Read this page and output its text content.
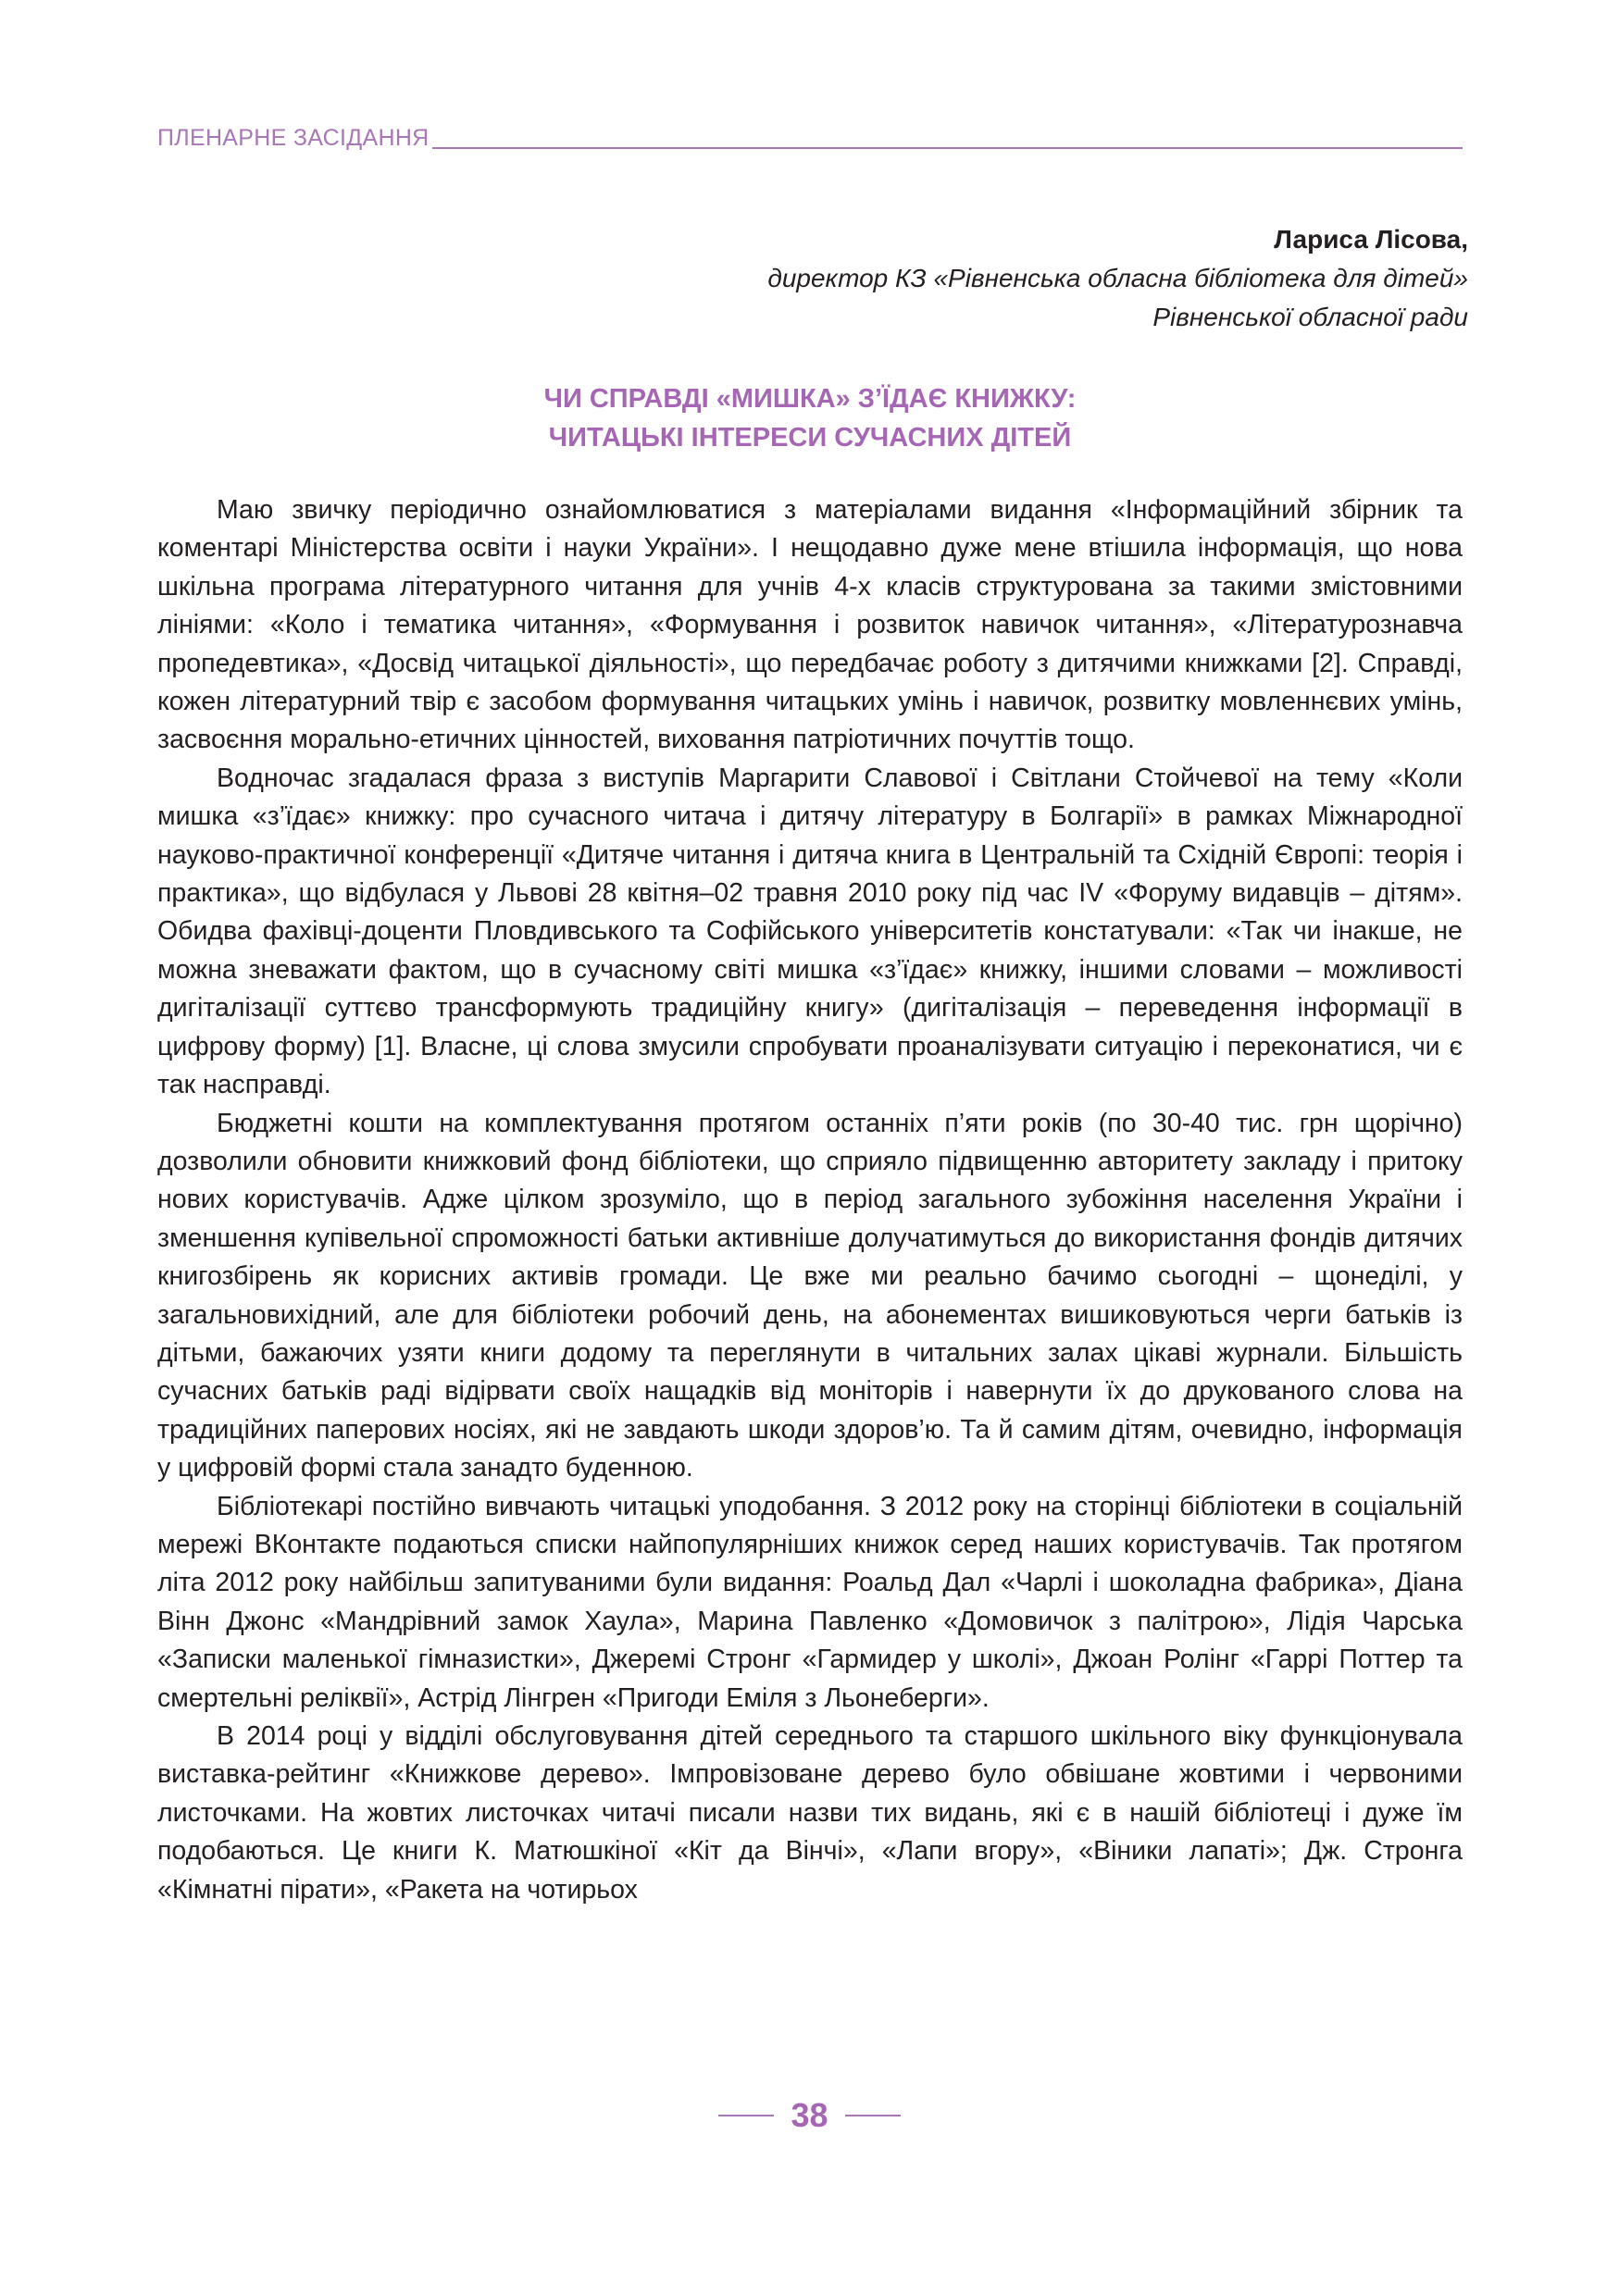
ПЛЕНАРНЕ ЗАСІДАННЯ
Лариса Лісова,
директор КЗ «Рівненська обласна бібліотека для дітей»
Рівненської обласної ради
ЧИ СПРАВДІ «МИШКА» З’ЇДАЄ КНИЖКУ:
ЧИТАЦЬКІ ІНТЕРЕСИ СУЧАСНИХ ДІТЕЙ

Маю звичку періодично ознайомлюватися з матеріалами видання «Інформаційний збірник та коментарі Міністерства освіти і науки України». І нещодавно дуже мене втішила інформація, що нова шкільна програма літературного читання для учнів 4-х класів структурована за такими змістовними лініями: «Коло і тематика читання», «Формування і розвиток навичок читання», «Літературознавча пропедевтика», «Досвід читацької діяльності», що передбачає роботу з дитячими книжками [2]. Справді, кожен літературний твір є засобом формування читацьких умінь і навичок, розвитку мовленнєвих умінь, засвоєння морально-етичних цінностей, виховання патріотичних почуттів тощо.

Водночас згадалася фраза з виступів Маргарити Славової і Світлани Стойчевої на тему «Коли мишка «з’їдає» книжку: про сучасного читача і дитячу літературу в Болгарії» в рамках Міжнародної науково-практичної конференції «Дитяче читання і дитяча книга в Центральній та Східній Європі: теорія і практика», що відбулася у Львові 28 квітня–02 травня 2010 року під час IV «Форуму видавців – дітям». Обидва фахівці-доценти Пловдивського та Софійського університетів констатували: «Так чи інакше, не можна зневажати фактом, що в сучасному світі мишка «з’їдає» книжку, іншими словами – можливості дигіталізації суттєво трансформують традиційну книгу» (дигіталізація – переведення інформації в цифрову форму) [1]. Власне, ці слова змусили спробувати проаналізувати ситуацію і переконатися, чи є так насправді.

Бюджетні кошти на комплектування протягом останніх п’яти років (по 30-40 тис. грн щорічно) дозволили обновити книжковий фонд бібліотеки, що сприяло підвищенню авторитету закладу і притоку нових користувачів. Адже цілком зрозуміло, що в період загального зубожіння населення України і зменшення купівельної спроможності батьки активніше долучатимуться до використання фондів дитячих книгозбірень як корисних активів громади. Це вже ми реально бачимо сьогодні – щонеділі, у загальновихідний, але для бібліотеки робочий день, на абонементах вишиковуються черги батьків із дітьми, бажаючих узяти книги додому та переглянути в читальних залах цікаві журнали. Більшість сучасних батьків раді відірвати своїх нащадків від моніторів і навернути їх до друкованого слова на традиційних паперових носіях, які не завдають шкоди здоров’ю. Та й самим дітям, очевидно, інформація у цифровій формі стала занадто буденною.

Бібліотекарі постійно вивчають читацькі уподобання. З 2012 року на сторінці бібліотеки в соціальній мережі ВКонтакте подаються списки найпопулярніших книжок серед наших користувачів. Так протягом літа 2012 року найбільш запитуваними були видання: Роальд Дал «Чарлі і шоколадна фабрика», Діана Вінн Джонс «Мандрівний замок Хаула», Марина Павленко «Домовичок з палітрою», Лідія Чарська «Записки маленької гімназистки», Джеремі Стронг «Гармидер у школі», Джоан Ролінг «Гаррі Поттер та смертельні реліквії», Астрід Лінгрен «Пригоди Еміля з Льонеберги».

В 2014 році у відділі обслуговування дітей середнього та старшого шкільного віку функціонувала виставка-рейтинг «Книжкове дерево». Імпровізоване дерево було обвішане жовтими і червоними листочками. На жовтих листочках читачі писали назви тих видань, які є в нашій бібліотеці і дуже їм подобаються. Це книги К. Матюшкіної «Кіт да Вінчі», «Лапи вгору», «Віники лапаті»; Дж. Стронга «Кімнатні пірати», «Ракета на чотирьох

38
